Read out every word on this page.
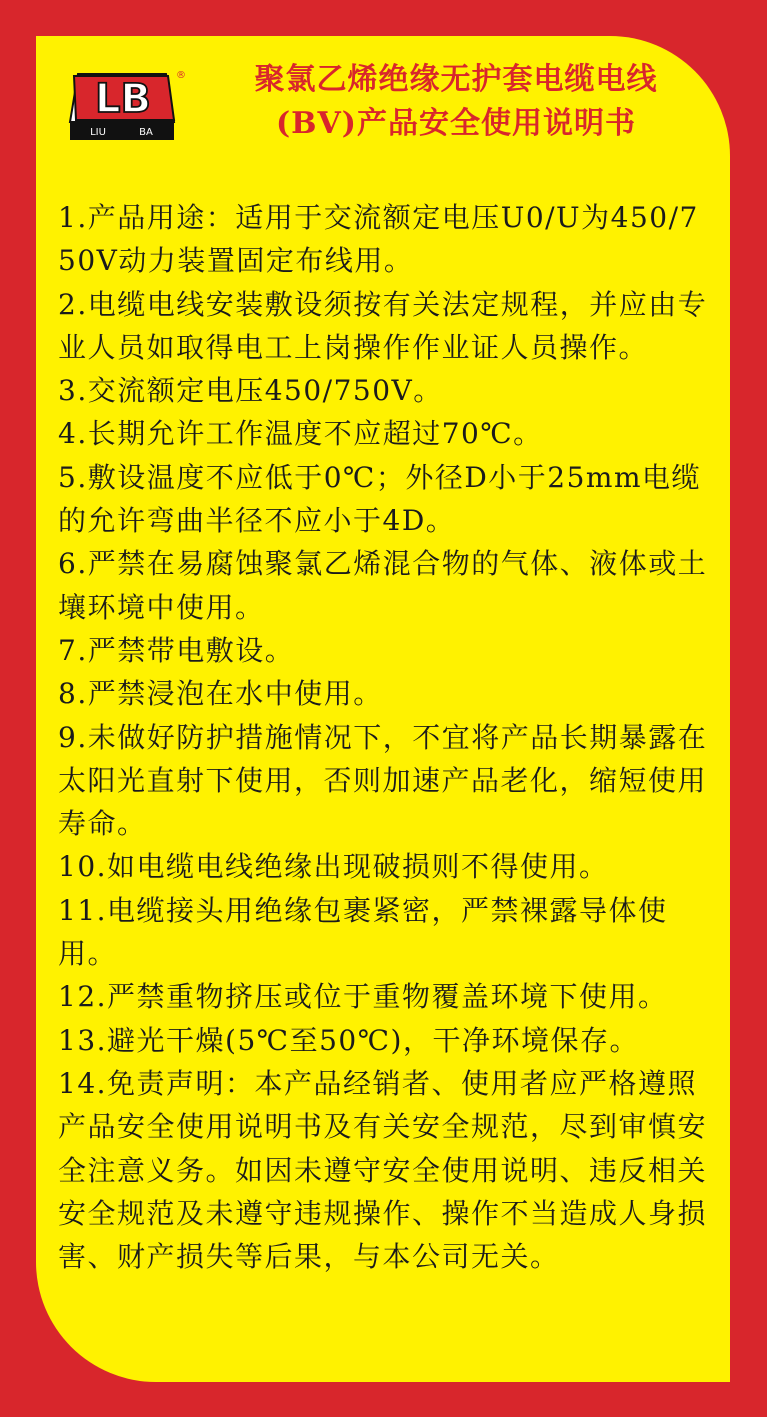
LB
LIU	BA
®	聚氯乙烯绝缘无护套电缆电线
(BV)产品安全使用说明书
1.产品用途：适用于交流额定电压U0/U为450/750V动力装置固定布线用。
2.电缆电线安装敷设须按有关法定规程，并应由专业人员如取得电工上岗操作作业证人员操作。
3.交流额定电压450/750V。
4.长期允许工作温度不应超过70℃。
5.敷设温度不应低于0℃；外径D小于25mm电缆的允许弯曲半径不应小于4D。
6.严禁在易腐蚀聚氯乙烯混合物的气体、液体或土壤环境中使用。
7.严禁带电敷设。
8.严禁浸泡在水中使用。
9.未做好防护措施情况下，不宜将产品长期暴露在太阳光直射下使用，否则加速产品老化，缩短使用寿命。
10.如电缆电线绝缘出现破损则不得使用。
11.电缆接头用绝缘包裹紧密，严禁裸露导体使用。
12.严禁重物挤压或位于重物覆盖环境下使用。
13.避光干燥(5℃至50℃)，干净环境保存。
14.免责声明：本产品经销者、使用者应严格遵照产品安全使用说明书及有关安全规范，尽到审慎安全注意义务。如因未遵守安全使用说明、违反相关安全规范及未遵守违规操作、操作不当造成人身损害、财产损失等后果，与本公司无关。
